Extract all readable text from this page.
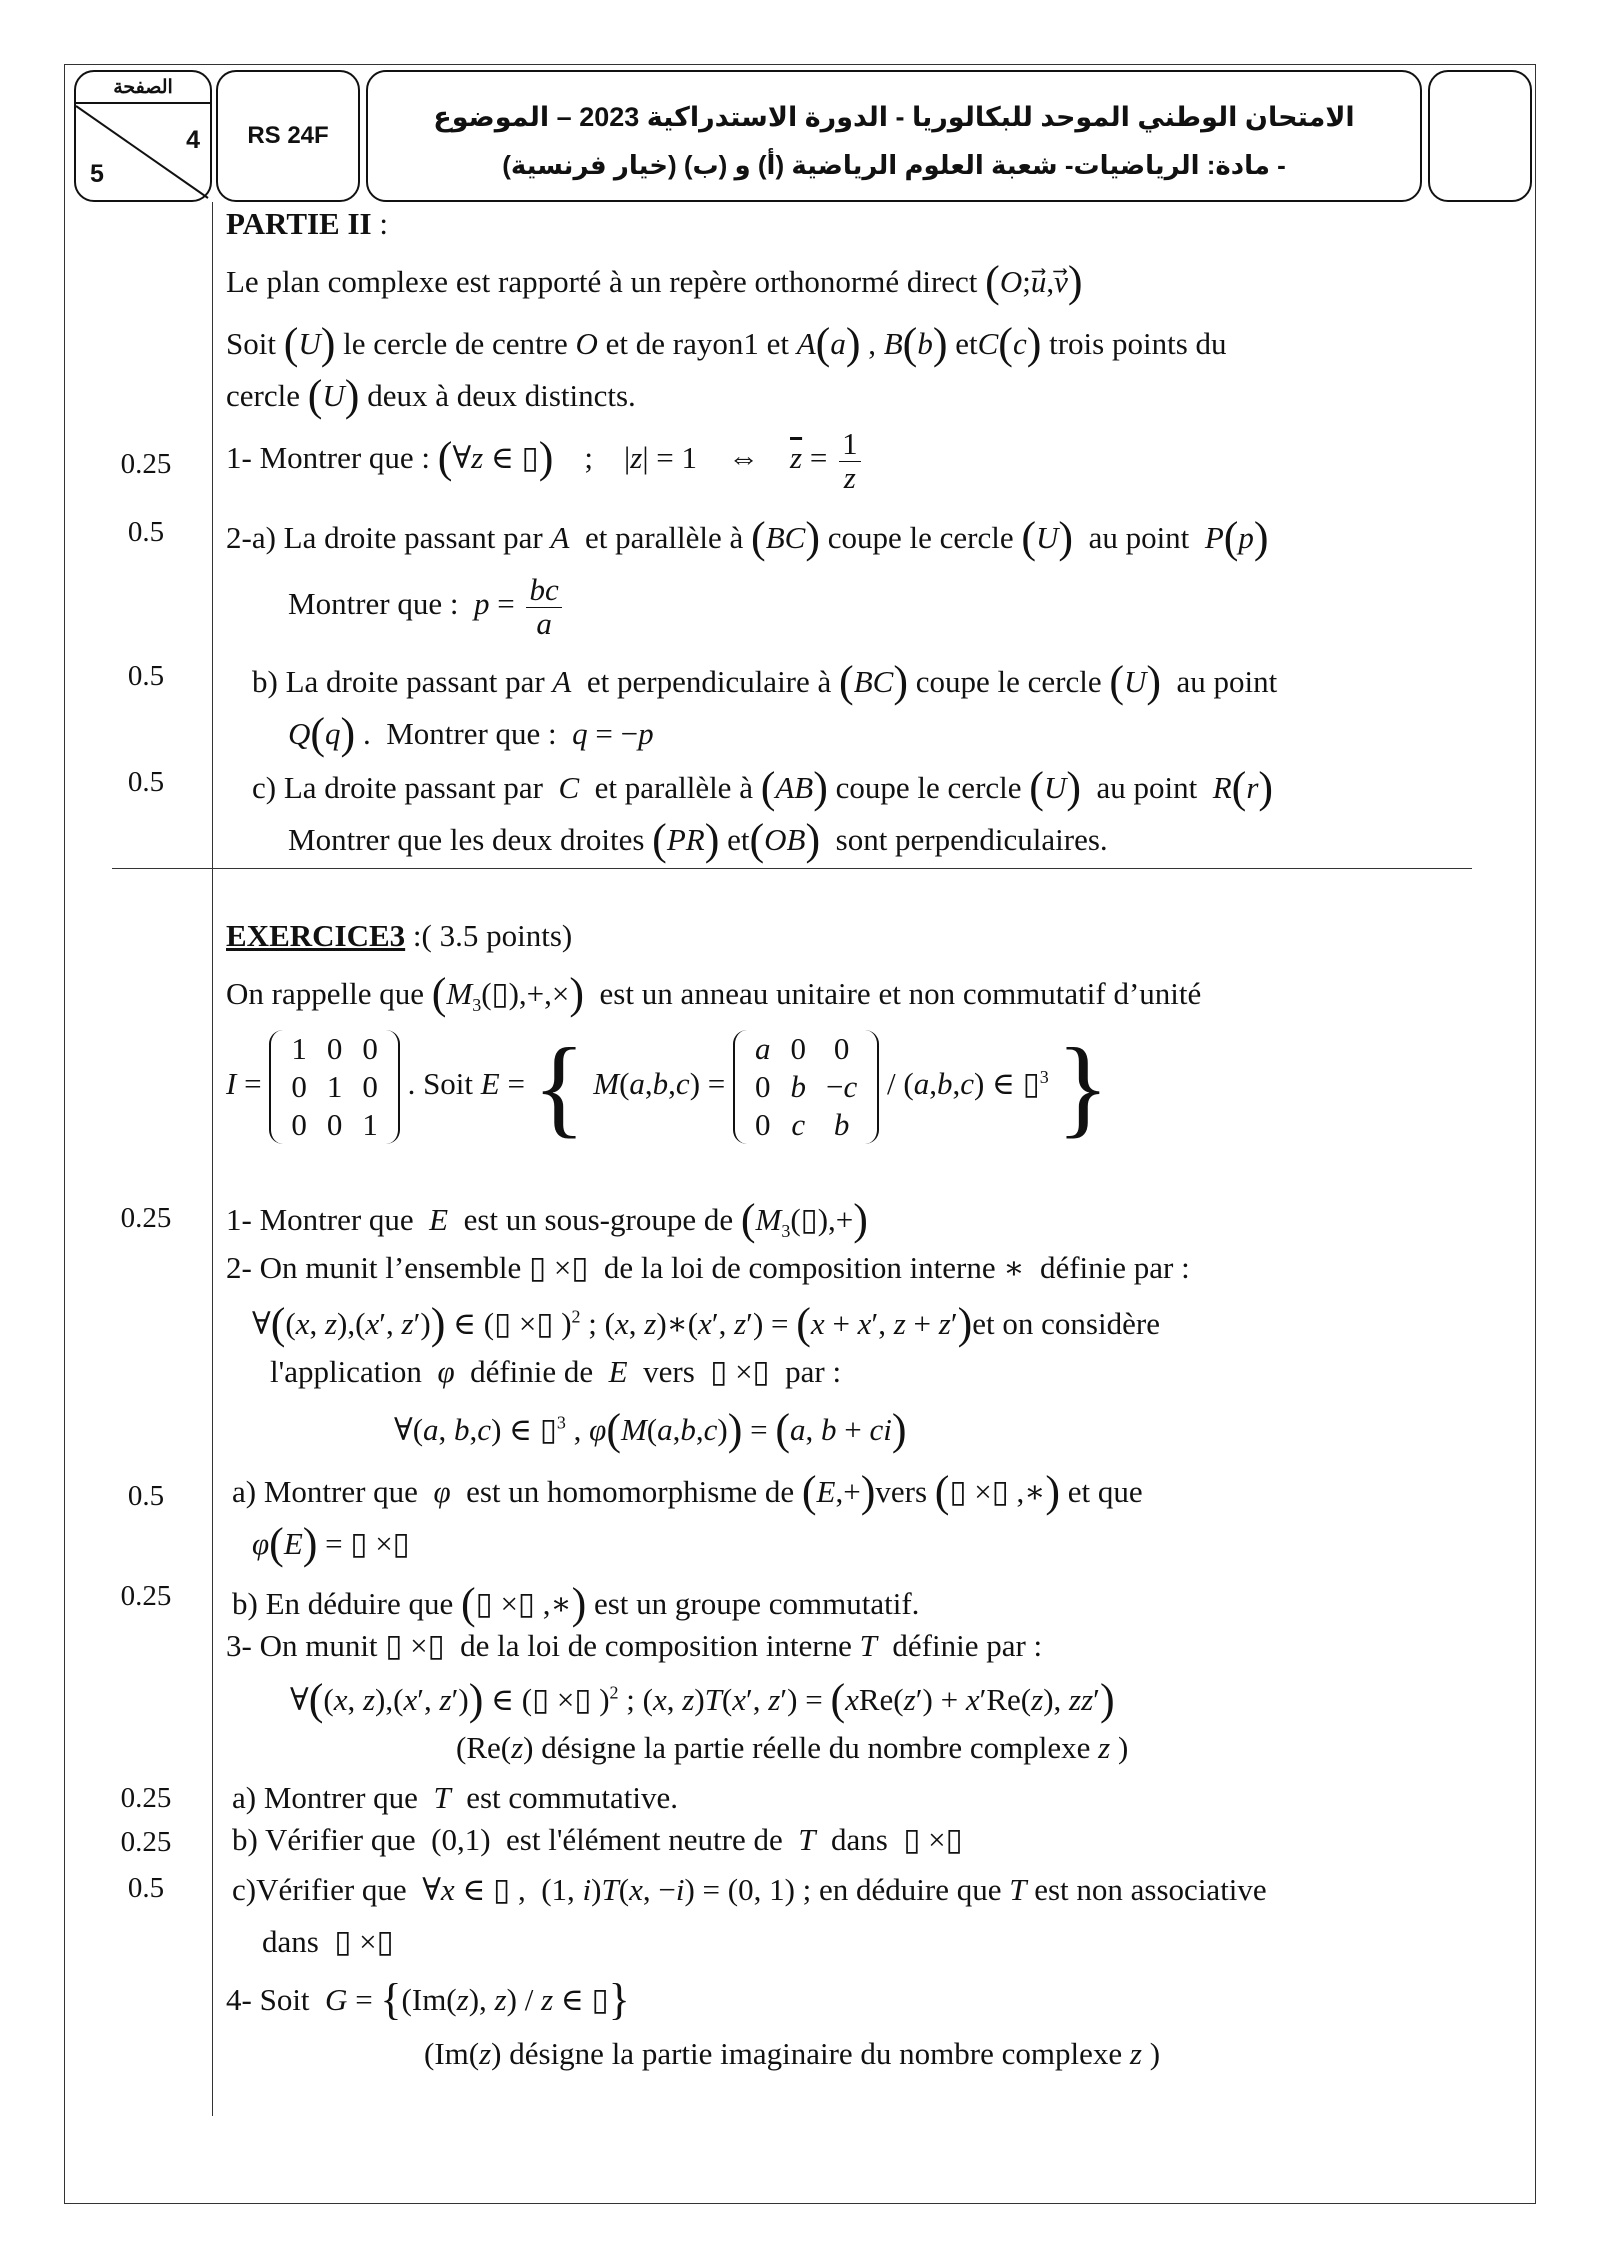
الصفحة
4
5
RS 24F
الامتحان الوطني الموحد للبكالوريا - الدورة الاستدراكية 2023 – الموضوع
- مادة: الرياضيات- شعبة العلوم الرياضية (أ) و (ب) (خيار فرنسية)
0.25
0.5
0.5
0.5
0.25
0.5
0.25
0.25
0.25
0.5
PARTIE II :
Le plan complexe est rapporté à un repère orthonormé direct (O;u⃗,v)
Soit (U) le cercle de centre O et de rayon1 et A(a) , B(b) etC(c) trois points du
cercle (U) deux à deux distincts.
1- Montrer que : (∀z ∈ ▯)    ;    |z| = 1    ⇔    $\overline{z} = \frac{1}{z}$
2-a) La droite passant par A et parallèle à (BC) coupe le cercle (U) au point P(p)
Montrer que : $p = \frac{bc}{a}$
b) La droite passant par A et perpendiculaire à (BC) coupe le cercle (U) au point
Q(q) .  Montrer que : q = −p
c) La droite passant par C et parallèle à (AB) coupe le cercle (U) au point R(r)
Montrer que les deux droites (PR) et(OB) sont perpendiculaires.
EXERCICE3 :( 3.5 points)
On rappelle que $(M_3(▯),+,\times)$ est un anneau unitaire et non commutatif d’unité
I =
1	0	0
0	1	0
0	0	1
. Soit E = { M(a,b,c) =
a	0	0
0	b	−c
0	c	b
/ (a,b,c) ∈ ▯$^3$ }
1- Montrer que E est un sous-groupe de $(M_3(▯),+)$
2- On munit l’ensemble ▯ ×▯  de la loi de composition interne ∗  définie par :
∀((x, z),(x′, z′)) ∈ (▯ ×▯ )$^2$ ; (x, z)∗(x′, z′) = (x + x′, z + z′)et on considère
l'application φ définie de E vers  ▯ ×▯  par :
∀(a, b,c) ∈ ▯$^3$ , φ(M(a,b,c)) = (a, b + ci)
a) Montrer que φ est un homomorphisme de (E,+)vers (▯ ×▯ ,∗) et que
φ(E) = ▯ ×▯
b) En déduire que (▯ ×▯ ,∗) est un groupe commutatif.
3- On munit ▯ ×▯  de la loi de composition interne T définie par :
∀((x, z),(x′, z′)) ∈ (▯ ×▯ )$^2$ ; (x, z)T(x′, z′) = (xRe(z′) + x′Re(z), zz′)
(Re(z) désigne la partie réelle du nombre complexe z )
a) Montrer que T est commutative.
b) Vérifier que  (0,1)  est l'élément neutre de T dans  ▯ ×▯
c)Vérifier que  ∀x ∈ ▯ ,  (1, i)T(x, −i) = (0, 1) ; en déduire que T est non associative
dans  ▯ ×▯
4- Soit G = {(Im(z), z) / z ∈ ▯}
(Im(z) désigne la partie imaginaire du nombre complexe z )
